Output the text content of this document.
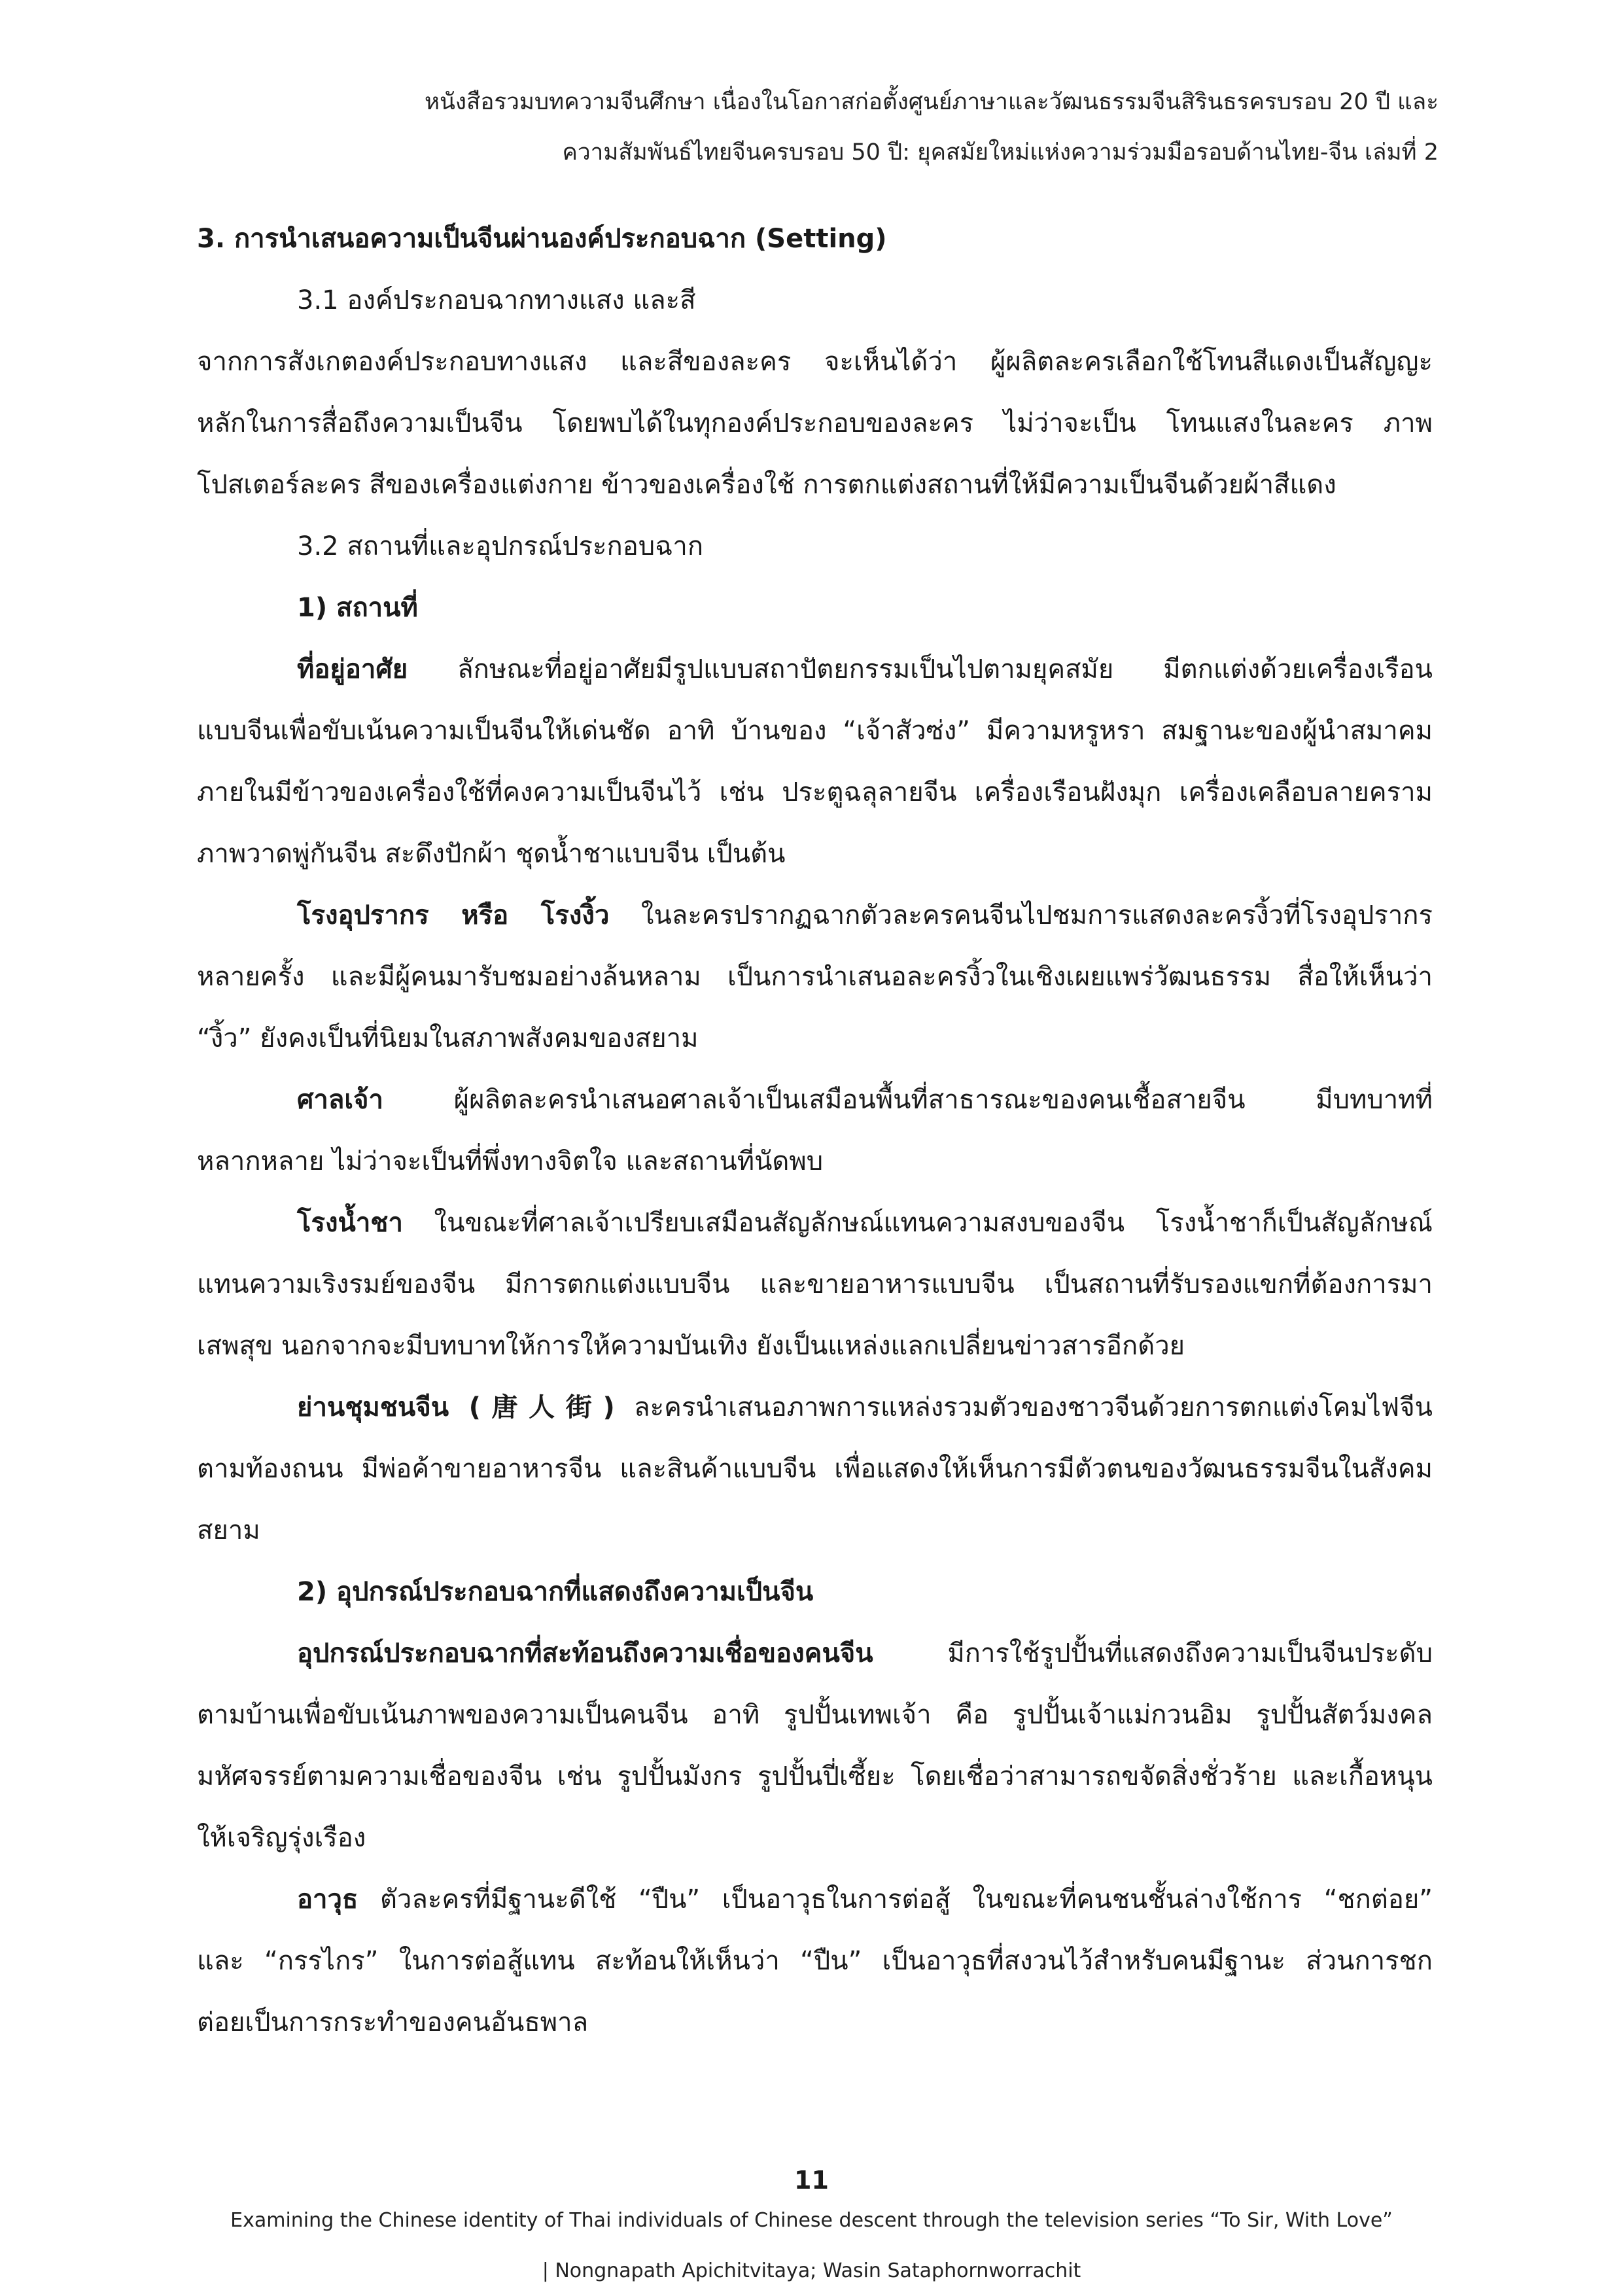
หนังสือรวมบทความจีนศึกษา เนื่องในโอกาสก่อตั้งศูนย์ภาษาและวัฒนธรรมจีนสิรินธรครบรอบ 20 ปี และ
ความสัมพันธ์ไทยจีนครบรอบ 50 ปี: ยุคสมัยใหม่แห่งความร่วมมือรอบด้านไทย-จีน เล่มที่ 2
3. การนำเสนอความเป็นจีนผ่านองค์ประกอบฉาก (Setting)
3.1 องค์ประกอบฉากทางแสง และสี
จากการสังเกตองค์ประกอบทางแสง และสีของละคร จะเห็นได้ว่า ผู้ผลิตละครเลือกใช้โทนสีแดงเป็นสัญญะ
หลักในการสื่อถึงความเป็นจีน โดยพบได้ในทุกองค์ประกอบของละคร ไม่ว่าจะเป็น โทนแสงในละคร ภาพ
โปสเตอร์ละคร สีของเครื่องแต่งกาย ข้าวของเครื่องใช้ การตกแต่งสถานที่ให้มีความเป็นจีนด้วยผ้าสีแดง
3.2 สถานที่และอุปกรณ์ประกอบฉาก
1) สถานที่
ที่อยู่อาศัย ลักษณะที่อยู่อาศัยมีรูปแบบสถาปัตยกรรมเป็นไปตามยุคสมัย มีตกแต่งด้วยเครื่องเรือน
แบบจีนเพื่อขับเน้นความเป็นจีนให้เด่นชัด อาทิ บ้านของ “เจ้าสัวซ่ง” มีความหรูหรา สมฐานะของผู้นำสมาคม
ภายในมีข้าวของเครื่องใช้ที่คงความเป็นจีนไว้ เช่น ประตูฉลุลายจีน เครื่องเรือนฝังมุก เครื่องเคลือบลายคราม
ภาพวาดพู่กันจีน สะดึงปักผ้า ชุดน้ำชาแบบจีน เป็นต้น
โรงอุปรากร หรือ โรงงิ้ว ในละครปรากฏฉากตัวละครคนจีนไปชมการแสดงละครงิ้วที่โรงอุปรากร
หลายครั้ง และมีผู้คนมารับชมอย่างล้นหลาม เป็นการนำเสนอละครงิ้วในเชิงเผยแพร่วัฒนธรรม สื่อให้เห็นว่า
“งิ้ว” ยังคงเป็นที่นิยมในสภาพสังคมของสยาม
ศาลเจ้า ผู้ผลิตละครนำเสนอศาลเจ้าเป็นเสมือนพื้นที่สาธารณะของคนเชื้อสายจีน มีบทบาทที่
หลากหลาย ไม่ว่าจะเป็นที่พึ่งทางจิตใจ และสถานที่นัดพบ
โรงน้ำชา ในขณะที่ศาลเจ้าเปรียบเสมือนสัญลักษณ์แทนความสงบของจีน โรงน้ำชาก็เป็นสัญลักษณ์
แทนความเริงรมย์ของจีน มีการตกแต่งแบบจีน และขายอาหารแบบจีน เป็นสถานที่รับรองแขกที่ต้องการมา
เสพสุข นอกจากจะมีบทบาทให้การให้ความบันเทิง ยังเป็นแหล่งแลกเปลี่ยนข่าวสารอีกด้วย
ย่านชุมชนจีน (唐人街) ละครนำเสนอภาพการแหล่งรวมตัวของชาวจีนด้วยการตกแต่งโคมไฟจีน
ตามท้องถนน มีพ่อค้าขายอาหารจีน และสินค้าแบบจีน เพื่อแสดงให้เห็นการมีตัวตนของวัฒนธรรมจีนในสังคม
สยาม
2) อุปกรณ์ประกอบฉากที่แสดงถึงความเป็นจีน
อุปกรณ์ประกอบฉากที่สะท้อนถึงความเชื่อของคนจีน มีการใช้รูปปั้นที่แสดงถึงความเป็นจีนประดับ
ตามบ้านเพื่อขับเน้นภาพของความเป็นคนจีน อาทิ รูปปั้นเทพเจ้า คือ รูปปั้นเจ้าแม่กวนอิม รูปปั้นสัตว์มงคล
มหัศจรรย์ตามความเชื่อของจีน เช่น รูปปั้นมังกร รูปปั้นปี่เซี้ยะ โดยเชื่อว่าสามารถขจัดสิ่งชั่วร้าย และเกื้อหนุน
ให้เจริญรุ่งเรือง
อาวุธ ตัวละครที่มีฐานะดีใช้ “ปืน” เป็นอาวุธในการต่อสู้ ในขณะที่คนชนชั้นล่างใช้การ “ชกต่อย”
และ “กรรไกร” ในการต่อสู้แทน สะท้อนให้เห็นว่า “ปืน” เป็นอาวุธที่สงวนไว้สำหรับคนมีฐานะ ส่วนการชก
ต่อยเป็นการกระทำของคนอันธพาล
11
Examining the Chinese identity of Thai individuals of Chinese descent through the television series “To Sir, With Love”
| Nongnapath Apichitvitaya; Wasin Sataphornworrachit
